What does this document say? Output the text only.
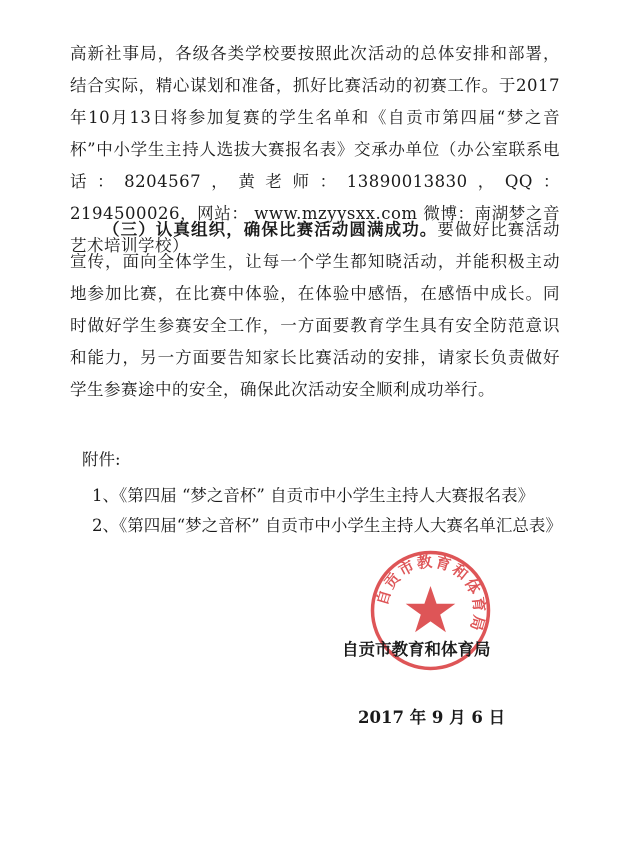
高新社事局，各级各类学校要按照此次活动的总体安排和部署，结合实际，精心谋划和准备，抓好比赛活动的初赛工作。于2017年10月13日将参加复赛的学生名单和《自贡市第四届“梦之音杯”中小学生主持人选拔大赛报名表》交承办单位（办公室联系电话：8204567，黄老师：13890013830，QQ：2194500026，网站： www.mzyysxx.com 微博：南湖梦之音艺术培训学校）
（三）认真组织，确保比赛活动圆满成功。要做好比赛活动宣传，面向全体学生，让每一个学生都知晓活动，并能积极主动地参加比赛，在比赛中体验，在体验中感悟，在感悟中成长。同时做好学生参赛安全工作，一方面要教育学生具有安全防范意识和能力，另一方面要告知家长比赛活动的安排，请家长负责做好学生参赛途中的安全，确保此次活动安全顺利成功举行。
附件:
1、《第四届 “梦之音杯” 自贡市中小学生主持人大赛报名表》
2、《第四届“梦之音杯” 自贡市中小学生主持人大赛名单汇总表》
自贡市教育和体育局
自贡市教育和体育局
2017 年 9 月 6 日
